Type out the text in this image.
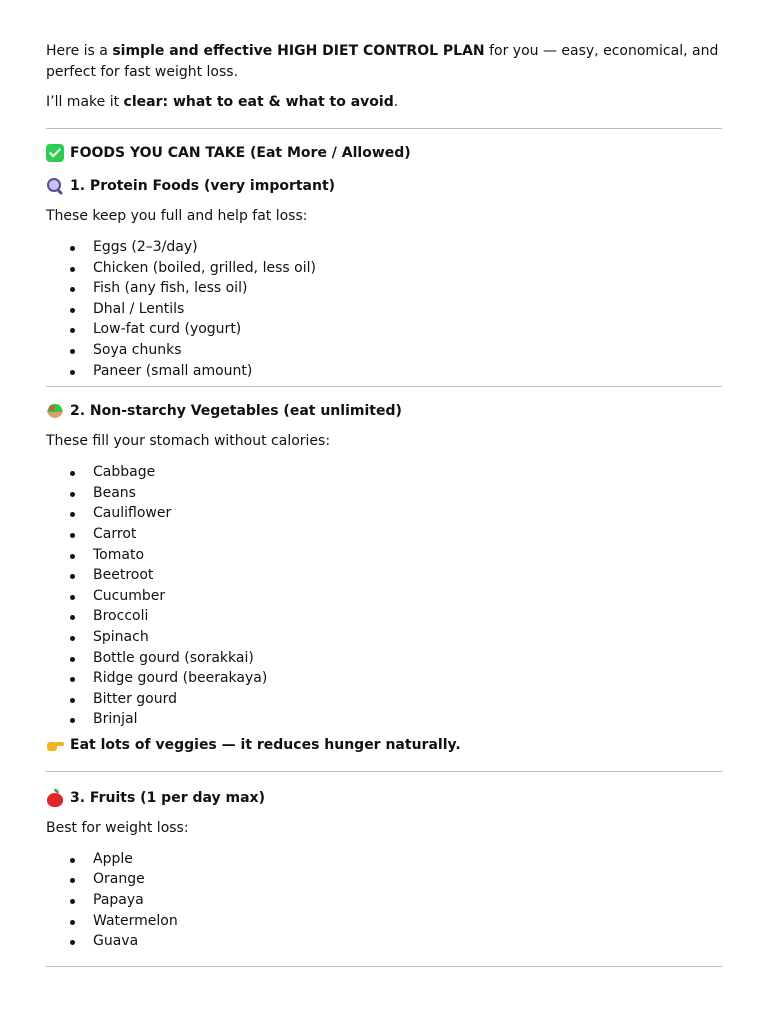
Here is a simple and effective HIGH DIET CONTROL PLAN for you — easy, economical, and perfect for fast weight loss.

I’ll make it clear: what to eat & what to avoid.

FOODS YOU CAN TAKE (Eat More / Allowed)
1. Protein Foods (very important)

These keep you full and help fat loss:

Eggs (2–3/day)
Chicken (boiled, grilled, less oil)
Fish (any fish, less oil)
Dhal / Lentils
Low-fat curd (yogurt)
Soya chunks
Paneer (small amount)
2. Non-starchy Vegetables (eat unlimited)

These fill your stomach without calories:

Cabbage
Beans
Cauliflower
Carrot
Tomato
Beetroot
Cucumber
Broccoli
Spinach
Bottle gourd (sorakkai)
Ridge gourd (beerakaya)
Bitter gourd
Brinjal
Eat lots of veggies — it reduces hunger naturally.
3. Fruits (1 per day max)

Best for weight loss:

Apple
Orange
Papaya
Watermelon
Guava
